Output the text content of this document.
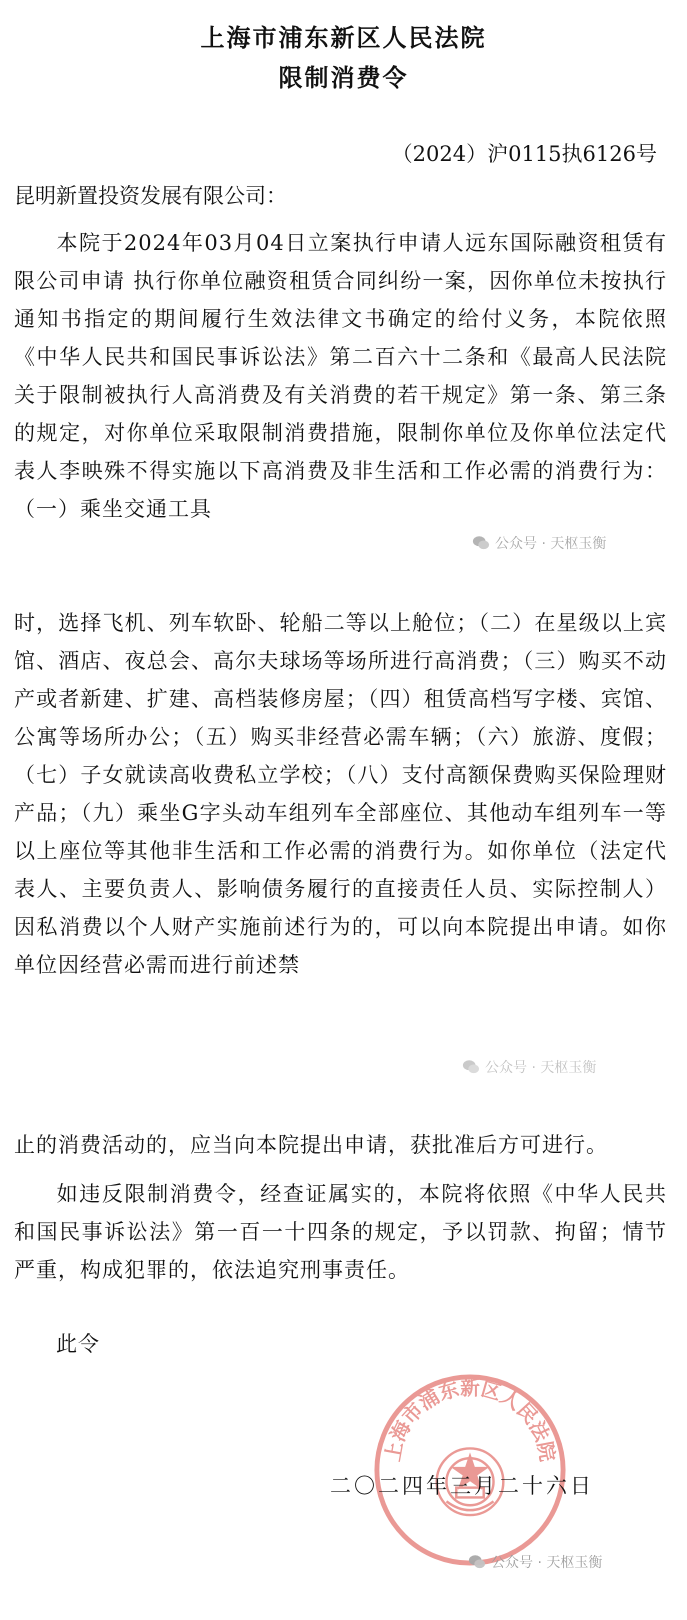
上海市浦东新区人民法院
限制消费令
（2024）沪0115执6126号
昆明新置投资发展有限公司：
本院于2024年03月04日立案执行申请人远东国际融资租赁有限公司申请 执行你单位融资租赁合同纠纷一案，因你单位未按执行通知书指定的期间履行生效法律文书确定的给付义务，本院依照《中华人民共和国民事诉讼法》第二百六十二条和《最高人民法院关于限制被执行人高消费及有关消费的若干规定》第一条、第三条的规定，对你单位采取限制消费措施，限制你单位及你单位法定代表人李映殊不得实施以下高消费及非生活和工作必需的消费行为：（一）乘坐交通工具
时，选择飞机、列车软卧、轮船二等以上舱位；（二）在星级以上宾馆、酒店、夜总会、高尔夫球场等场所进行高消费；（三）购买不动产或者新建、扩建、高档装修房屋；（四）租赁高档写字楼、宾馆、公寓等场所办公；（五）购买非经营必需车辆；（六）旅游、度假；（七）子女就读高收费私立学校；（八）支付高额保费购买保险理财产品；（九）乘坐G字头动车组列车全部座位、其他动车组列车一等以上座位等其他非生活和工作必需的消费行为。如你单位（法定代表人、主要负责人、影响债务履行的直接责任人员、实际控制人）因私消费以个人财产实施前述行为的，可以向本院提出申请。如你单位因经营必需而进行前述禁
止的消费活动的，应当向本院提出申请，获批准后方可进行。
如违反限制消费令，经查证属实的，本院将依照《中华人民共和国民事诉讼法》第一百一十四条的规定，予以罚款、拘留；情节严重，构成犯罪的，依法追究刑事责任。
此令
上海市浦东新区人民法院
二〇二四年三月二十六日
公众号 · 天枢玉衡
公众号 · 天枢玉衡
公众号 · 天枢玉衡
